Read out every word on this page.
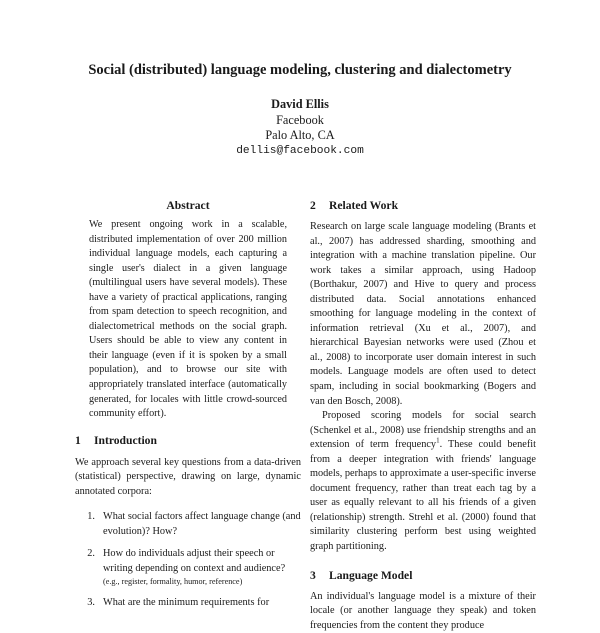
Social (distributed) language modeling, clustering and dialectometry
David Ellis
Facebook
Palo Alto, CA
dellis@facebook.com
Abstract

We present ongoing work in a scalable, distributed implementation of over 200 million individual language models, each capturing a single user's dialect in a given language (multilingual users have several models). These have a variety of practical applications, ranging from spam detection to speech recognition, and dialectometrical methods on the social graph. Users should be able to view any content in their language (even if it is spoken by a small population), and to browse our site with appropriately translated interface (automatically generated, for locales with little crowd-sourced community effort).

1	Introduction

We approach several key questions from a data-driven (statistical) perspective, drawing on large, dynamic annotated corpora:

1. What social factors affect language change (and evolution)? How?
2. How do individuals adjust their speech or writing depending on context and audience?
(e.g., register, formality, humor, reference)
3. What are the minimum requirements for
2	Related Work

Research on large scale language modeling (Brants et al., 2007) has addressed sharding, smoothing and integration with a machine translation pipeline. Our work takes a similar approach, using Hadoop (Borthakur, 2007) and Hive to query and process distributed data. Social annotations enhanced smoothing for language modeling in the context of information retrieval (Xu et al., 2007), and hierarchical Bayesian networks were used (Zhou et al., 2008) to incorporate user domain interest in such models. Language models are often used to detect spam, including in social bookmarking (Bogers and van den Bosch, 2008).

Proposed scoring models for social search (Schenkel et al., 2008) use friendship strengths and an extension of term frequency$^1$. These could benefit from a deeper integration with friends' language models, perhaps to approximate a user-specific inverse document frequency, rather than treat each tag by a user as equally relevant to all his friends of a given (relationship) strength. Strehl et al. (2000) found that similarity clustering perform best using weighted graph partitioning.

3	Language Model

An individual's language model is a mixture of their locale (or another language they speak) and token frequencies from the content they produce
